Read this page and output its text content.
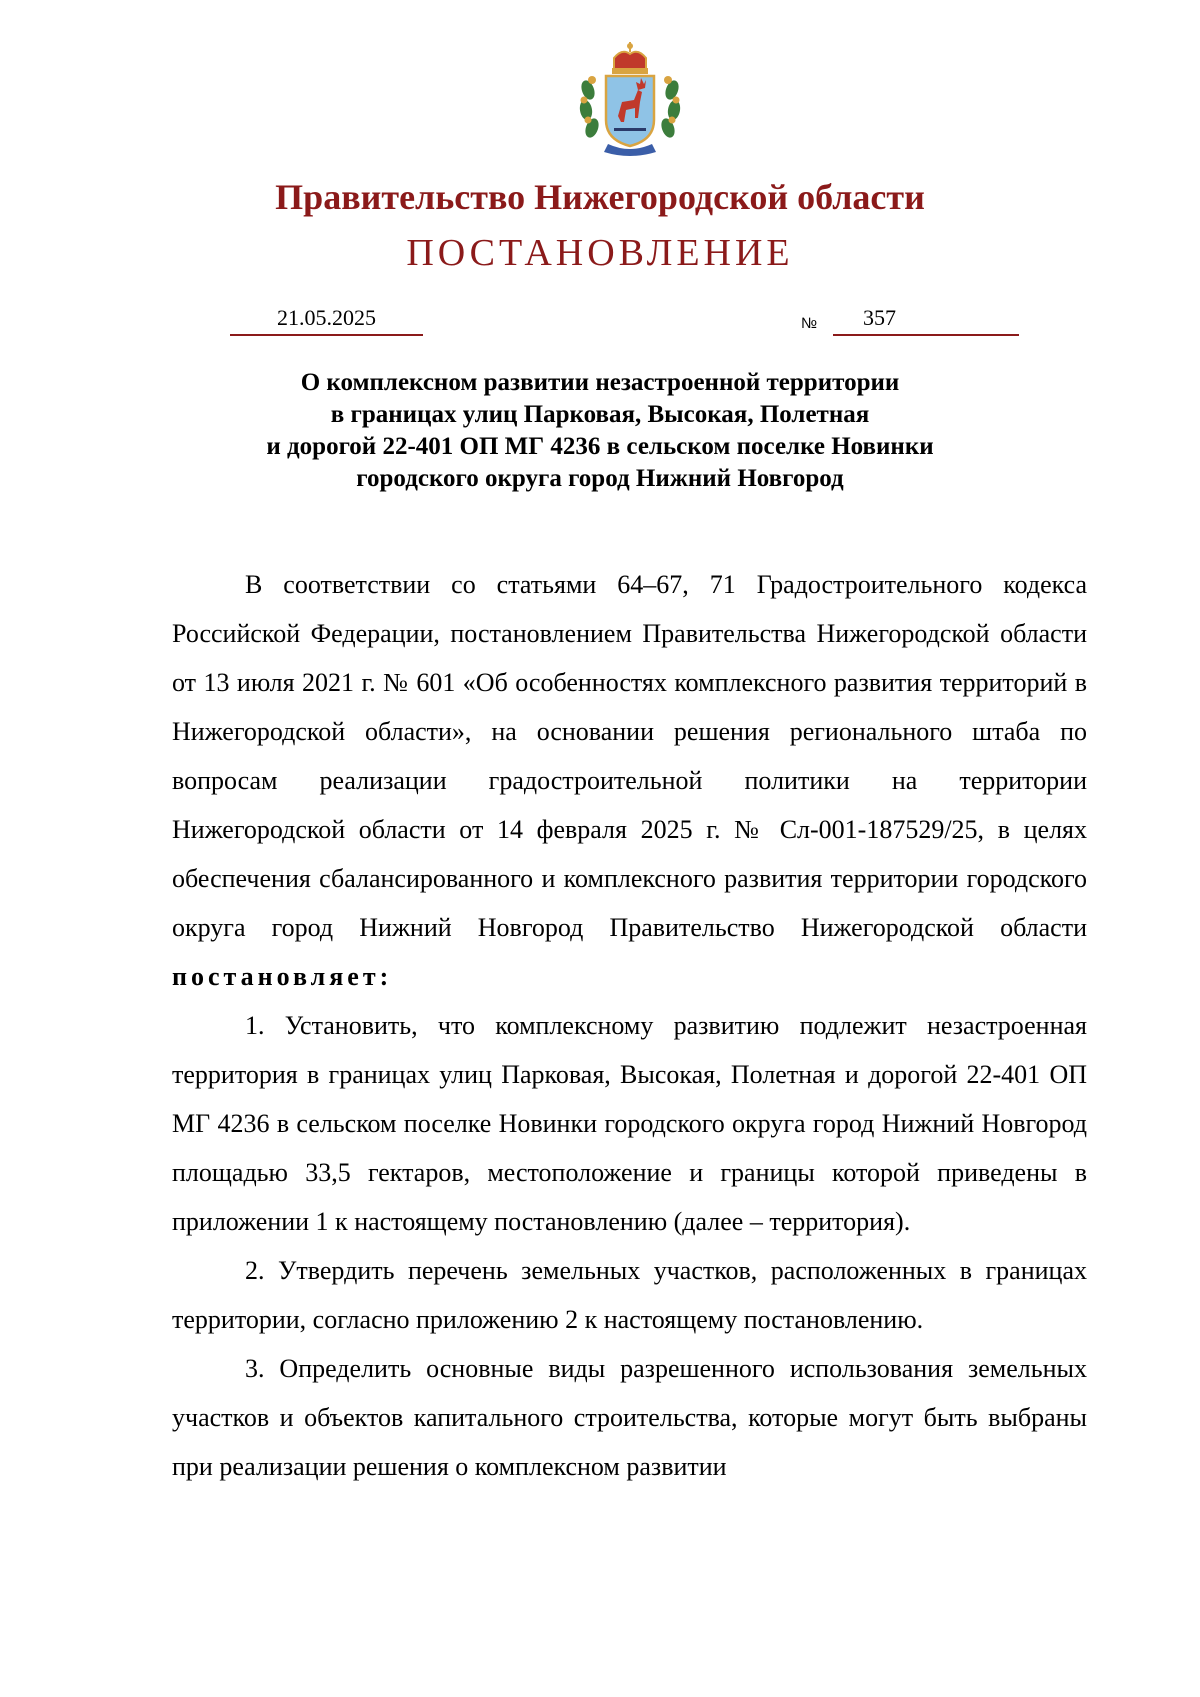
Правительство Нижегородской области
ПОСТАНОВЛЕНИЕ
21.05.2025	№ 357
О комплексном развитии незастроенной территории
в границах улиц Парковая, Высокая, Полетная
и дорогой 22-401 ОП МГ 4236 в сельском поселке Новинки
городского округа город Нижний Новгород

В соответствии со статьями 64–67, 71 Градостроительного кодекса Российской Федерации, постановлением Правительства Нижегородской области от 13 июля 2021 г. № 601 «Об особенностях комплексного развития территорий в Нижегородской области», на основании решения регионального штаба по вопросам реализации градостроительной политики на территории Нижегородской области от 14 февраля 2025 г. № Сл-001-187529/25, в целях обеспечения сбалансированного и комплексного развития территории городского округа город Нижний Новгород Правительство Нижегородской области постановляет:

1. Установить, что комплексному развитию подлежит незастроенная территория в границах улиц Парковая, Высокая, Полетная и дорогой 22-401 ОП МГ 4236 в сельском поселке Новинки городского округа город Нижний Новгород площадью 33,5 гектаров, местоположение и границы которой приведены в приложении 1 к настоящему постановлению (далее – территория).

2. Утвердить перечень земельных участков, расположенных в границах территории, согласно приложению 2 к настоящему постановлению.

3. Определить основные виды разрешенного использования земельных участков и объектов капитального строительства, которые могут быть выбраны при реализации решения о комплексном развитии
